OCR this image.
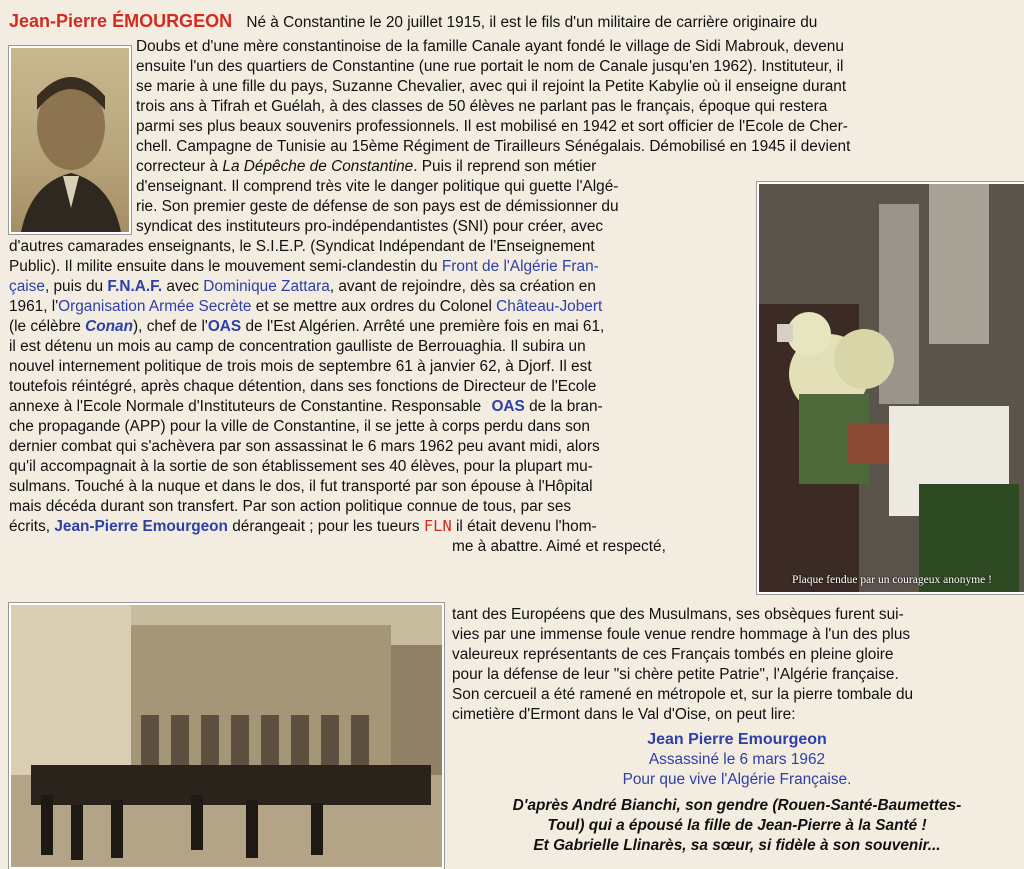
Jean-Pierre ÉMOURGEON Né à Constantine le 20 juillet 1915, il est le fils d'un militaire de carrière originaire du
Doubs et d'une mère constantinoise de la famille Canale ayant fondé le village de Sidi Mabrouk, devenu
ensuite l'un des quartiers de Constantine (une rue portait le nom de Canale jusqu'en 1962). Instituteur, il
se marie à une fille du pays, Suzanne Chevalier, avec qui il rejoint la Petite Kabylie où il enseigne durant
trois ans à Tifrah et Guélah, à des classes de 50 élèves ne parlant pas le français, époque qui restera
parmi ses plus beaux souvenirs professionnels. Il est mobilisé en 1942 et sort officier de l'Ecole de Cher-
chell. Campagne de Tunisie au 15ème Régiment de Tirailleurs Sénégalais. Démobilisé en 1945 il devient
correcteur à La Dépêche de Constantine. Puis il reprend son métier
d'enseignant. Il comprend très vite le danger politique qui guette l'Algé-
rie. Son premier geste de défense de son pays est de démissionner du
syndicat des instituteurs pro-indépendantistes (SNI) pour créer, avec
d'autres camarades enseignants, le S.I.E.P. (Syndicat Indépendant de l'Enseignement
Public). Il milite ensuite dans le mouvement semi-clandestin du Front de l'Algérie Fran-
çaise, puis du F.N.A.F. avec Dominique Zattara, avant de rejoindre, dès sa création en
1961, l'Organisation Armée Secrète et se mettre aux ordres du Colonel Château-Jobert
(le célèbre Conan), chef de l'OAS de l'Est Algérien. Arrêté une première fois en mai 61,
il est détenu un mois au camp de concentration gaulliste de Berrouaghia. Il subira un
nouvel internement politique de trois mois de septembre 61 à janvier 62, à Djorf. Il est
toutefois réintégré, après chaque détention, dans ses fonctions de Directeur de l'Ecole
annexe à l'Ecole Normale d'Instituteurs de Constantine. Responsable OAS de la bran-
che propagande (APP) pour la ville de Constantine, il se jette à corps perdu dans son
dernier combat qui s'achèvera par son assassinat le 6 mars 1962 peu avant midi, alors
qu'il accompagnait à la sortie de son établissement ses 40 élèves, pour la plupart mu-
sulmans. Touché à la nuque et dans le dos, il fut transporté par son épouse à l'Hôpital
mais décéda durant son transfert. Par son action politique connue de tous, par ses
écrits, Jean-Pierre Emourgeon dérangeait ; pour les tueurs FLN il était devenu l'hom-
me à abattre. Aimé et respecté,
tant des Européens que des Musulmans, ses obsèques furent sui-
vies par une immense foule venue rendre hommage à l'un des plus
valeureux représentants de ces Français tombés en pleine gloire
pour la défense de leur "si chère petite Patrie", l'Algérie française.
Son cercueil a été ramené en métropole et, sur la pierre tombale du
cimetière d'Ermont dans le Val d'Oise, on peut lire:
Jean Pierre Emourgeon
Assassiné le 6 mars 1962
Pour que vive l'Algérie Française.
D'après André Bianchi, son gendre (Rouen-Santé-Baumettes-
Toul) qui a épousé la fille de Jean-Pierre à la Santé !
Et Gabrielle Llinarès, sa sœur, si fidèle à son souvenir...
Plaque fendue par un courageux anonyme !
